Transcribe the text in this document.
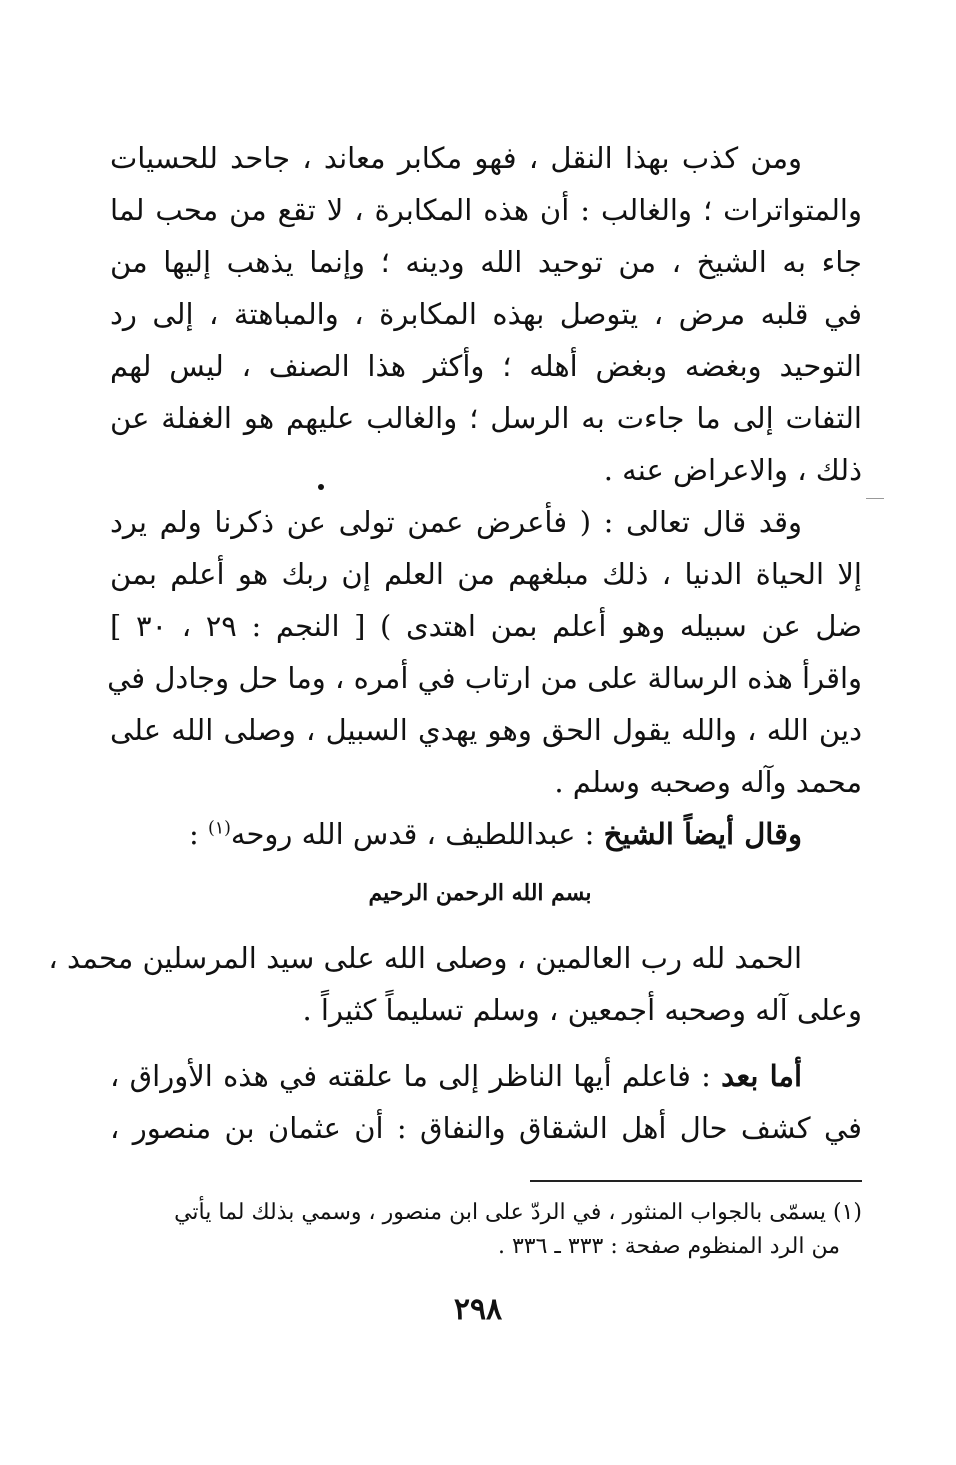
ومن كذب بهذا النقل ، فهو مكابر معاند ، جاحد للحسيات
والمتواترات ؛ والغالب : أن هذه المكابرة ، لا تقع من محب لما
جاء به الشيخ ، من توحيد الله ودينه ؛ وإنما يذهب إليها من
في قلبه مرض ، يتوصل بهذه المكابرة ، والمباهتة ، إلى رد
التوحيد وبغضه وبغض أهله ؛ وأكثر هذا الصنف ، ليس لهم
التفات إلى ما جاءت به الرسل ؛ والغالب عليهم هو الغفلة عن
ذلك ، والاعراض عنه .
وقد قال تعالى : ( فأعرض عمن تولى عن ذكرنا ولم يرد
إلا الحياة الدنيا ، ذلك مبلغهم من العلم إن ربك هو أعلم بمن
ضل عن سبيله وهو أعلم بمن اهتدى ) [ النجم : ٢٩ ، ٣٠ ]
واقرأ هذه الرسالة على من ارتاب في أمره ، وما حل وجادل في
دين الله ، والله يقول الحق وهو يهدي السبيل ، وصلى الله على
محمد وآله وصحبه وسلم .
وقال أيضاً الشيخ : عبداللطيف ، قدس الله روحه$^{(١)}$ :
بسم الله الرحمن الرحيم
الحمد لله رب العالمين ، وصلى الله على سيد المرسلين محمد ،
وعلى آله وصحبه أجمعين ، وسلم تسليماً كثيراً .
أما بعد : فاعلم أيها الناظر إلى ما علقته في هذه الأوراق ،
في كشف حال أهل الشقاق والنفاق : أن عثمان بن منصور ،
(١) يسمّى بالجواب المنثور ، في الردّ على ابن منصور ، وسمي بذلك لما يأتي
من الرد المنظوم صفحة : ٣٣٣ ـ ٣٣٦ .
٢٩٨
